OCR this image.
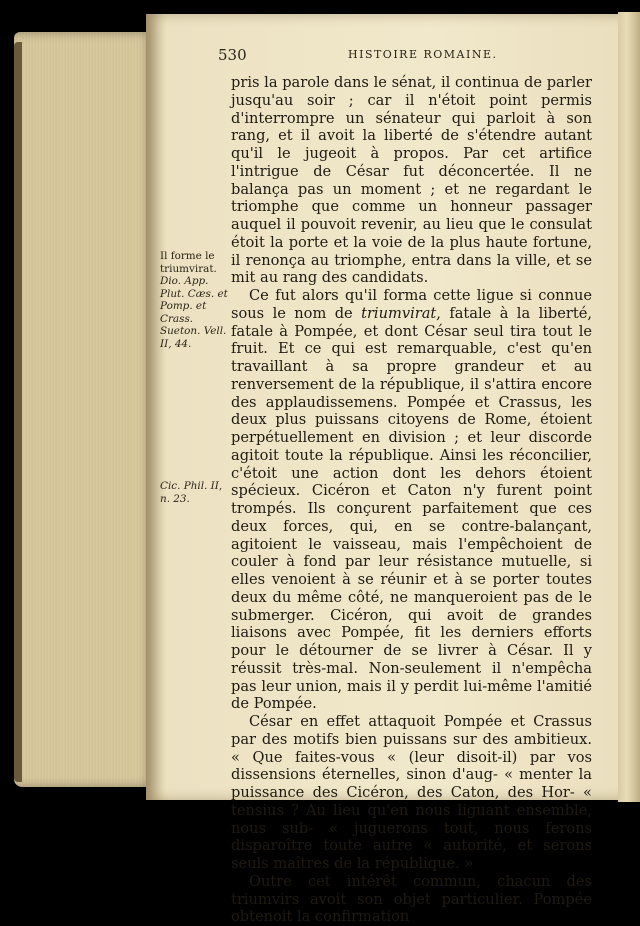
530	HISTOIRE ROMAINE.
Il forme le triumvirat.
Dio. App. Plut. Cæs. et Pomp. et Crass. Sueton. Vell. II, 44.
Cic. Phil. II, n. 23.

pris la parole dans le sénat, il continua de parler jusqu'au soir ; car il n'étoit point permis d'interrompre un sénateur qui parloit à son rang, et il avoit la liberté de s'étendre autant qu'il le jugeoit à propos. Par cet artifice l'intrigue de César fut déconcertée. Il ne balança pas un moment ; et ne regardant le triomphe que comme un honneur passager auquel il pouvoit revenir, au lieu que le consulat étoit la porte et la voie de la plus haute fortune, il renonça au triomphe, entra dans la ville, et se mit au rang des candidats.

Ce fut alors qu'il forma cette ligue si connue sous le nom de triumvirat, fatale à la liberté, fatale à Pompée, et dont César seul tira tout le fruit. Et ce qui est remarquable, c'est qu'en travaillant à sa propre grandeur et au renversement de la république, il s'attira encore des applaudissemens. Pompée et Crassus, les deux plus puissans citoyens de Rome, étoient perpétuellement en division ; et leur discorde agitoit toute la république. Ainsi les réconcilier, c'étoit une action dont les dehors étoient spécieux. Cicéron et Caton n'y furent point trompés. Ils conçurent parfaitement que ces deux forces, qui, en se contre-balançant, agitoient le vaisseau, mais l'empêchoient de couler à fond par leur résistance mutuelle, si elles venoient à se réunir et à se porter toutes deux du même côté, ne manqueroient pas de le submerger. Cicéron, qui avoit de grandes liaisons avec Pompée, fit les derniers efforts pour le détourner de se livrer à César. Il y réussit très-mal. Non-seulement il n'empêcha pas leur union, mais il y perdit lui-même l'amitié de Pompée.

César en effet attaquoit Pompée et Crassus par des motifs bien puissans sur des ambitieux. « Que faites-vous « (leur disoit-il) par vos dissensions éternelles, sinon d'aug- « menter la puissance des Cicéron, des Caton, des Hor- « tensius ? Au lieu qu'en nous liguant ensemble, nous sub- « juguerons tout, nous ferons disparoître toute autre « autorité, et serons seuls maîtres de la république. »

Outre cet intérêt commun, chacun des triumvirs avoit son objet particulier. Pompée obtenoit la confirmation
